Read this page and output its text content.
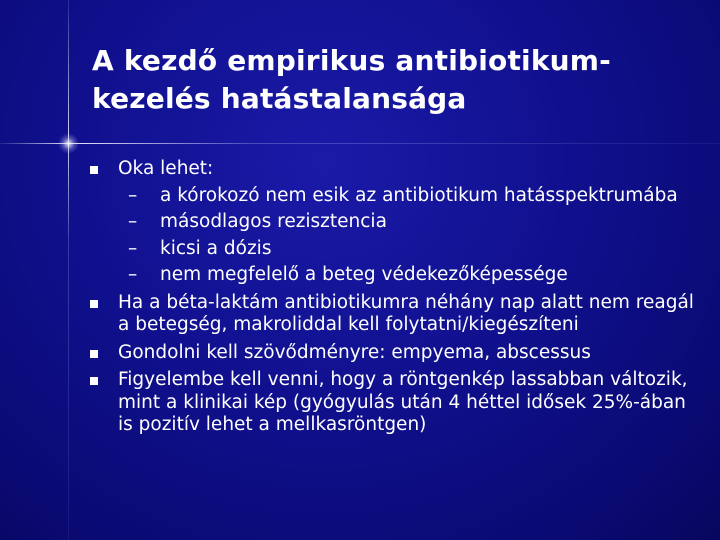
A kezdő empirikus antibiotikum-
kezelés hatástalansága
Oka lehet:
– a kórokozó nem esik az antibiotikum hatásspektrumába
– másodlagos rezisztencia
– kicsi a dózis
– nem megfelelő a beteg védekezőképessége
Ha a béta-laktám antibiotikumra néhány nap alatt nem reagál a betegség, makroliddal kell folytatni/kiegészíteni
Gondolni kell szövődményre: empyema, abscessus
Figyelembe kell venni, hogy a röntgenkép lassabban változik, mint a klinikai kép (gyógyulás után 4 héttel idősek 25%-ában is pozitív lehet a mellkasröntgen)
